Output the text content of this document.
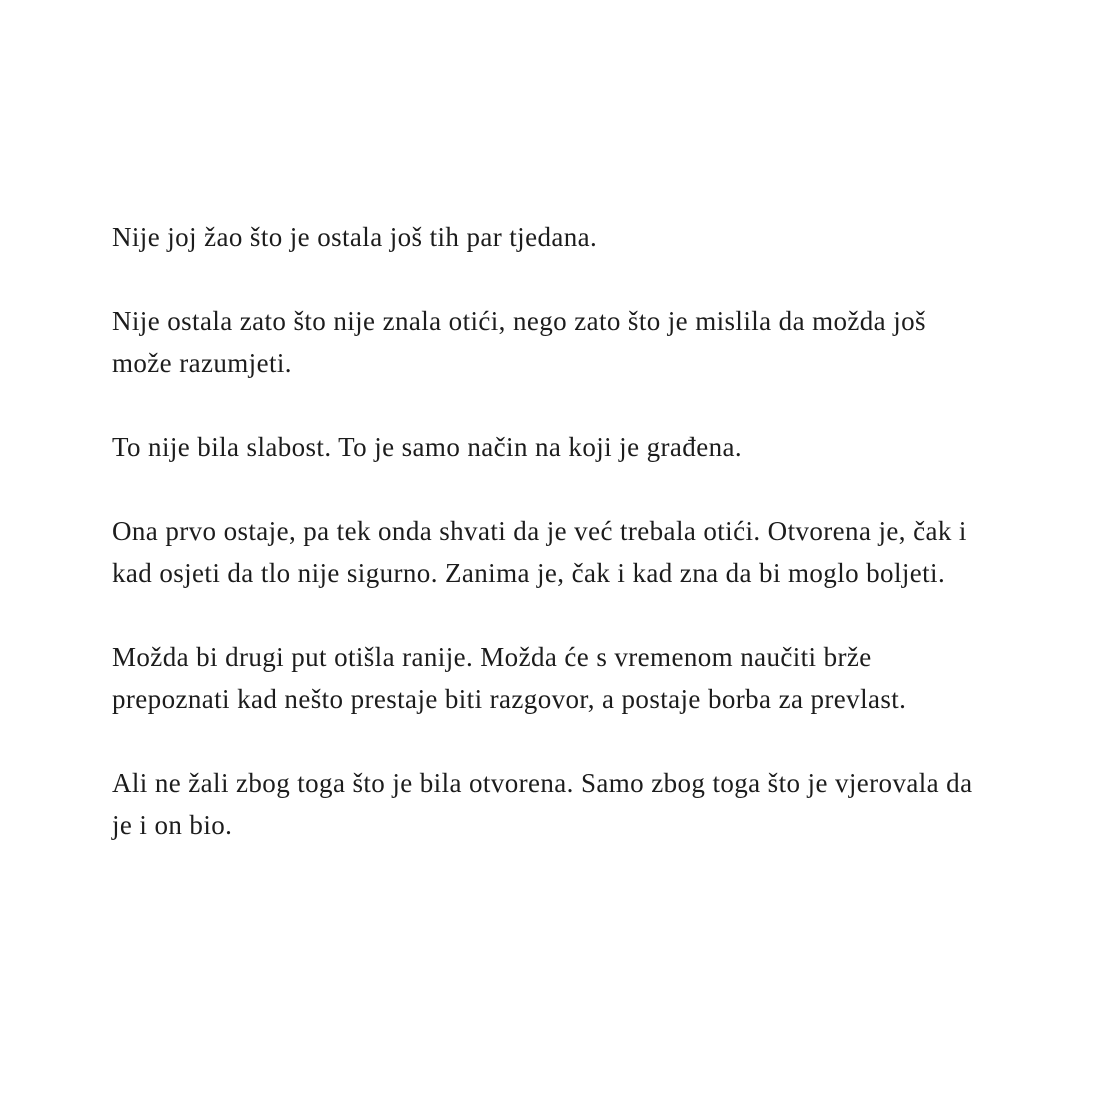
Nije joj žao što je ostala još tih par tjedana.

Nije ostala zato što nije znala otići, nego zato što je mislila da možda još može razumjeti.

To nije bila slabost. To je samo način na koji je građena.

Ona prvo ostaje, pa tek onda shvati da je već trebala otići. Otvorena je, čak i kad osjeti da tlo nije sigurno. Zanima je, čak i kad zna da bi moglo boljeti.

Možda bi drugi put otišla ranije. Možda će s vremenom naučiti brže prepoznati kad nešto prestaje biti razgovor, a postaje borba za prevlast.

Ali ne žali zbog toga što je bila otvorena. Samo zbog toga što je vjerovala da je i on bio.
